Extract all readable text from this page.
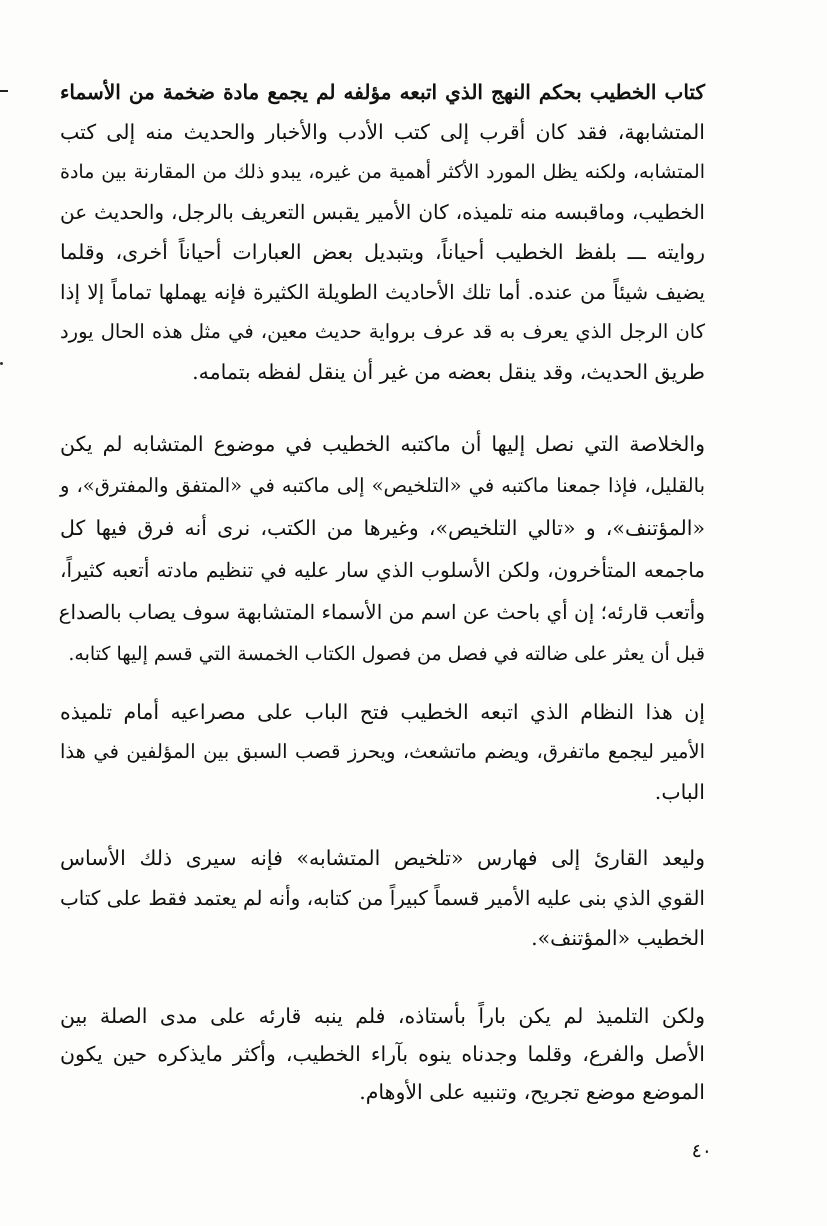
كتاب الخطيب بحكم النهج الذي اتبعه مؤلفه لم يجمع مادة ضخمة من الأسماء
المتشابهة، فقد كان أقرب إلى كتب الأدب والأخبار والحديث منه إلى كتب
المتشابه، ولكنه يظل المورد الأكثر أهمية من غيره، يبدو ذلك من المقارنة بين مادة
الخطيب، وماقبسه منه تلميذه، كان الأمير يقبس التعريف بالرجل، والحديث عن
روايته ـــ بلفظ الخطيب أحياناً، وبتبديل بعض العبارات أحياناً أخرى، وقلما
يضيف شيئاً من عنده. أما تلك الأحاديث الطويلة الكثيرة فإنه يهملها تماماً إلا إذا
كان الرجل الذي يعرف به قد عرف برواية حديث معين، في مثل هذه الحال يورد
طريق الحديث، وقد ينقل بعضه من غير أن ينقل لفظه بتمامه.
والخلاصة التي نصل إليها أن ماكتبه الخطيب في موضوع المتشابه لم يكن
بالقليل، فإذا جمعنا ماكتبه في «التلخيص» إلى ماكتبه في «المتفق والمفترق»، و
«المؤتنف»، و «تالي التلخيص»، وغيرها من الكتب، نرى أنه فرق فيها كل
ماجمعه المتأخرون، ولكن الأسلوب الذي سار عليه في تنظيم مادته أتعبه كثيراً،
وأتعب قارئه؛ إن أي باحث عن اسم من الأسماء المتشابهة سوف يصاب بالصداع
قبل أن يعثر على ضالته في فصل من فصول الكتاب الخمسة التي قسم إليها كتابه.
إن هذا النظام الذي اتبعه الخطيب فتح الباب على مصراعيه أمام تلميذه
الأمير ليجمع ماتفرق، ويضم ماتشعث، ويحرز قصب السبق بين المؤلفين في هذا
الباب.
وليعد القارئ إلى فهارس «تلخيص المتشابه» فإنه سيرى ذلك الأساس
القوي الذي بنى عليه الأمير قسماً كبيراً من كتابه، وأنه لم يعتمد فقط على كتاب
الخطيب «المؤتنف».
ولكن التلميذ لم يكن باراً بأستاذه، فلم ينبه قارئه على مدى الصلة بين
الأصل والفرع، وقلما وجدناه ينوه بآراء الخطيب، وأكثر مايذكره حين يكون
الموضع موضع تجريح، وتنبيه على الأوهام.
٤٠
